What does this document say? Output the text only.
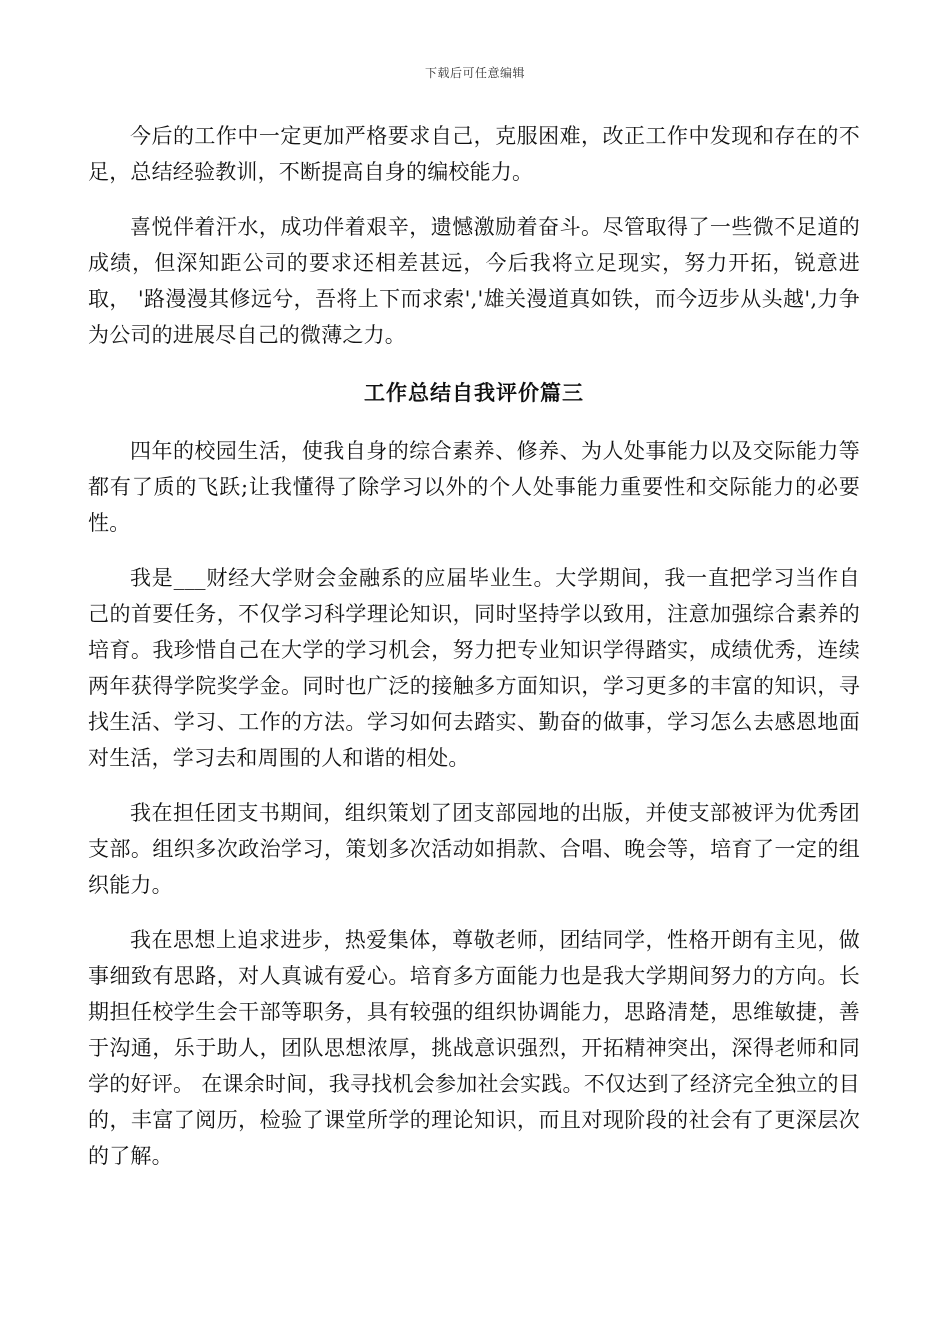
下载后可任意编辑

今后的工作中一定更加严格要求自己，克服困难，改正工作中发现和存在的不足，总结经验教训，不断提高自身的编校能力。

喜悦伴着汗水，成功伴着艰辛，遗憾激励着奋斗。尽管取得了一些微不足道的成绩，但深知距公司的要求还相差甚远，今后我将立足现实，努力开拓，锐意进取， '路漫漫其修远兮，吾将上下而求索','雄关漫道真如铁，而今迈步从头越',力争为公司的进展尽自己的微薄之力。

工作总结自我评价篇三

四年的校园生活，使我自身的综合素养、修养、为人处事能力以及交际能力等都有了质的飞跃;让我懂得了除学习以外的个人处事能力重要性和交际能力的必要性。

我是___财经大学财会金融系的应届毕业生。大学期间，我一直把学习当作自己的首要任务，不仅学习科学理论知识，同时坚持学以致用，注意加强综合素养的培育。我珍惜自己在大学的学习机会，努力把专业知识学得踏实，成绩优秀，连续两年获得学院奖学金。同时也广泛的接触多方面知识，学习更多的丰富的知识，寻找生活、学习、工作的方法。学习如何去踏实、勤奋的做事，学习怎么去感恩地面对生活，学习去和周围的人和谐的相处。

我在担任团支书期间，组织策划了团支部园地的出版，并使支部被评为优秀团支部。组织多次政治学习，策划多次活动如捐款、合唱、晚会等，培育了一定的组织能力。

我在思想上追求进步，热爱集体，尊敬老师，团结同学，性格开朗有主见，做事细致有思路，对人真诚有爱心。培育多方面能力也是我大学期间努力的方向。长期担任校学生会干部等职务，具有较强的组织协调能力，思路清楚，思维敏捷，善于沟通，乐于助人，团队思想浓厚，挑战意识强烈，开拓精神突出，深得老师和同学的好评。 在课余时间，我寻找机会参加社会实践。不仅达到了经济完全独立的目的，丰富了阅历，检验了课堂所学的理论知识，而且对现阶段的社会有了更深层次的了解。
